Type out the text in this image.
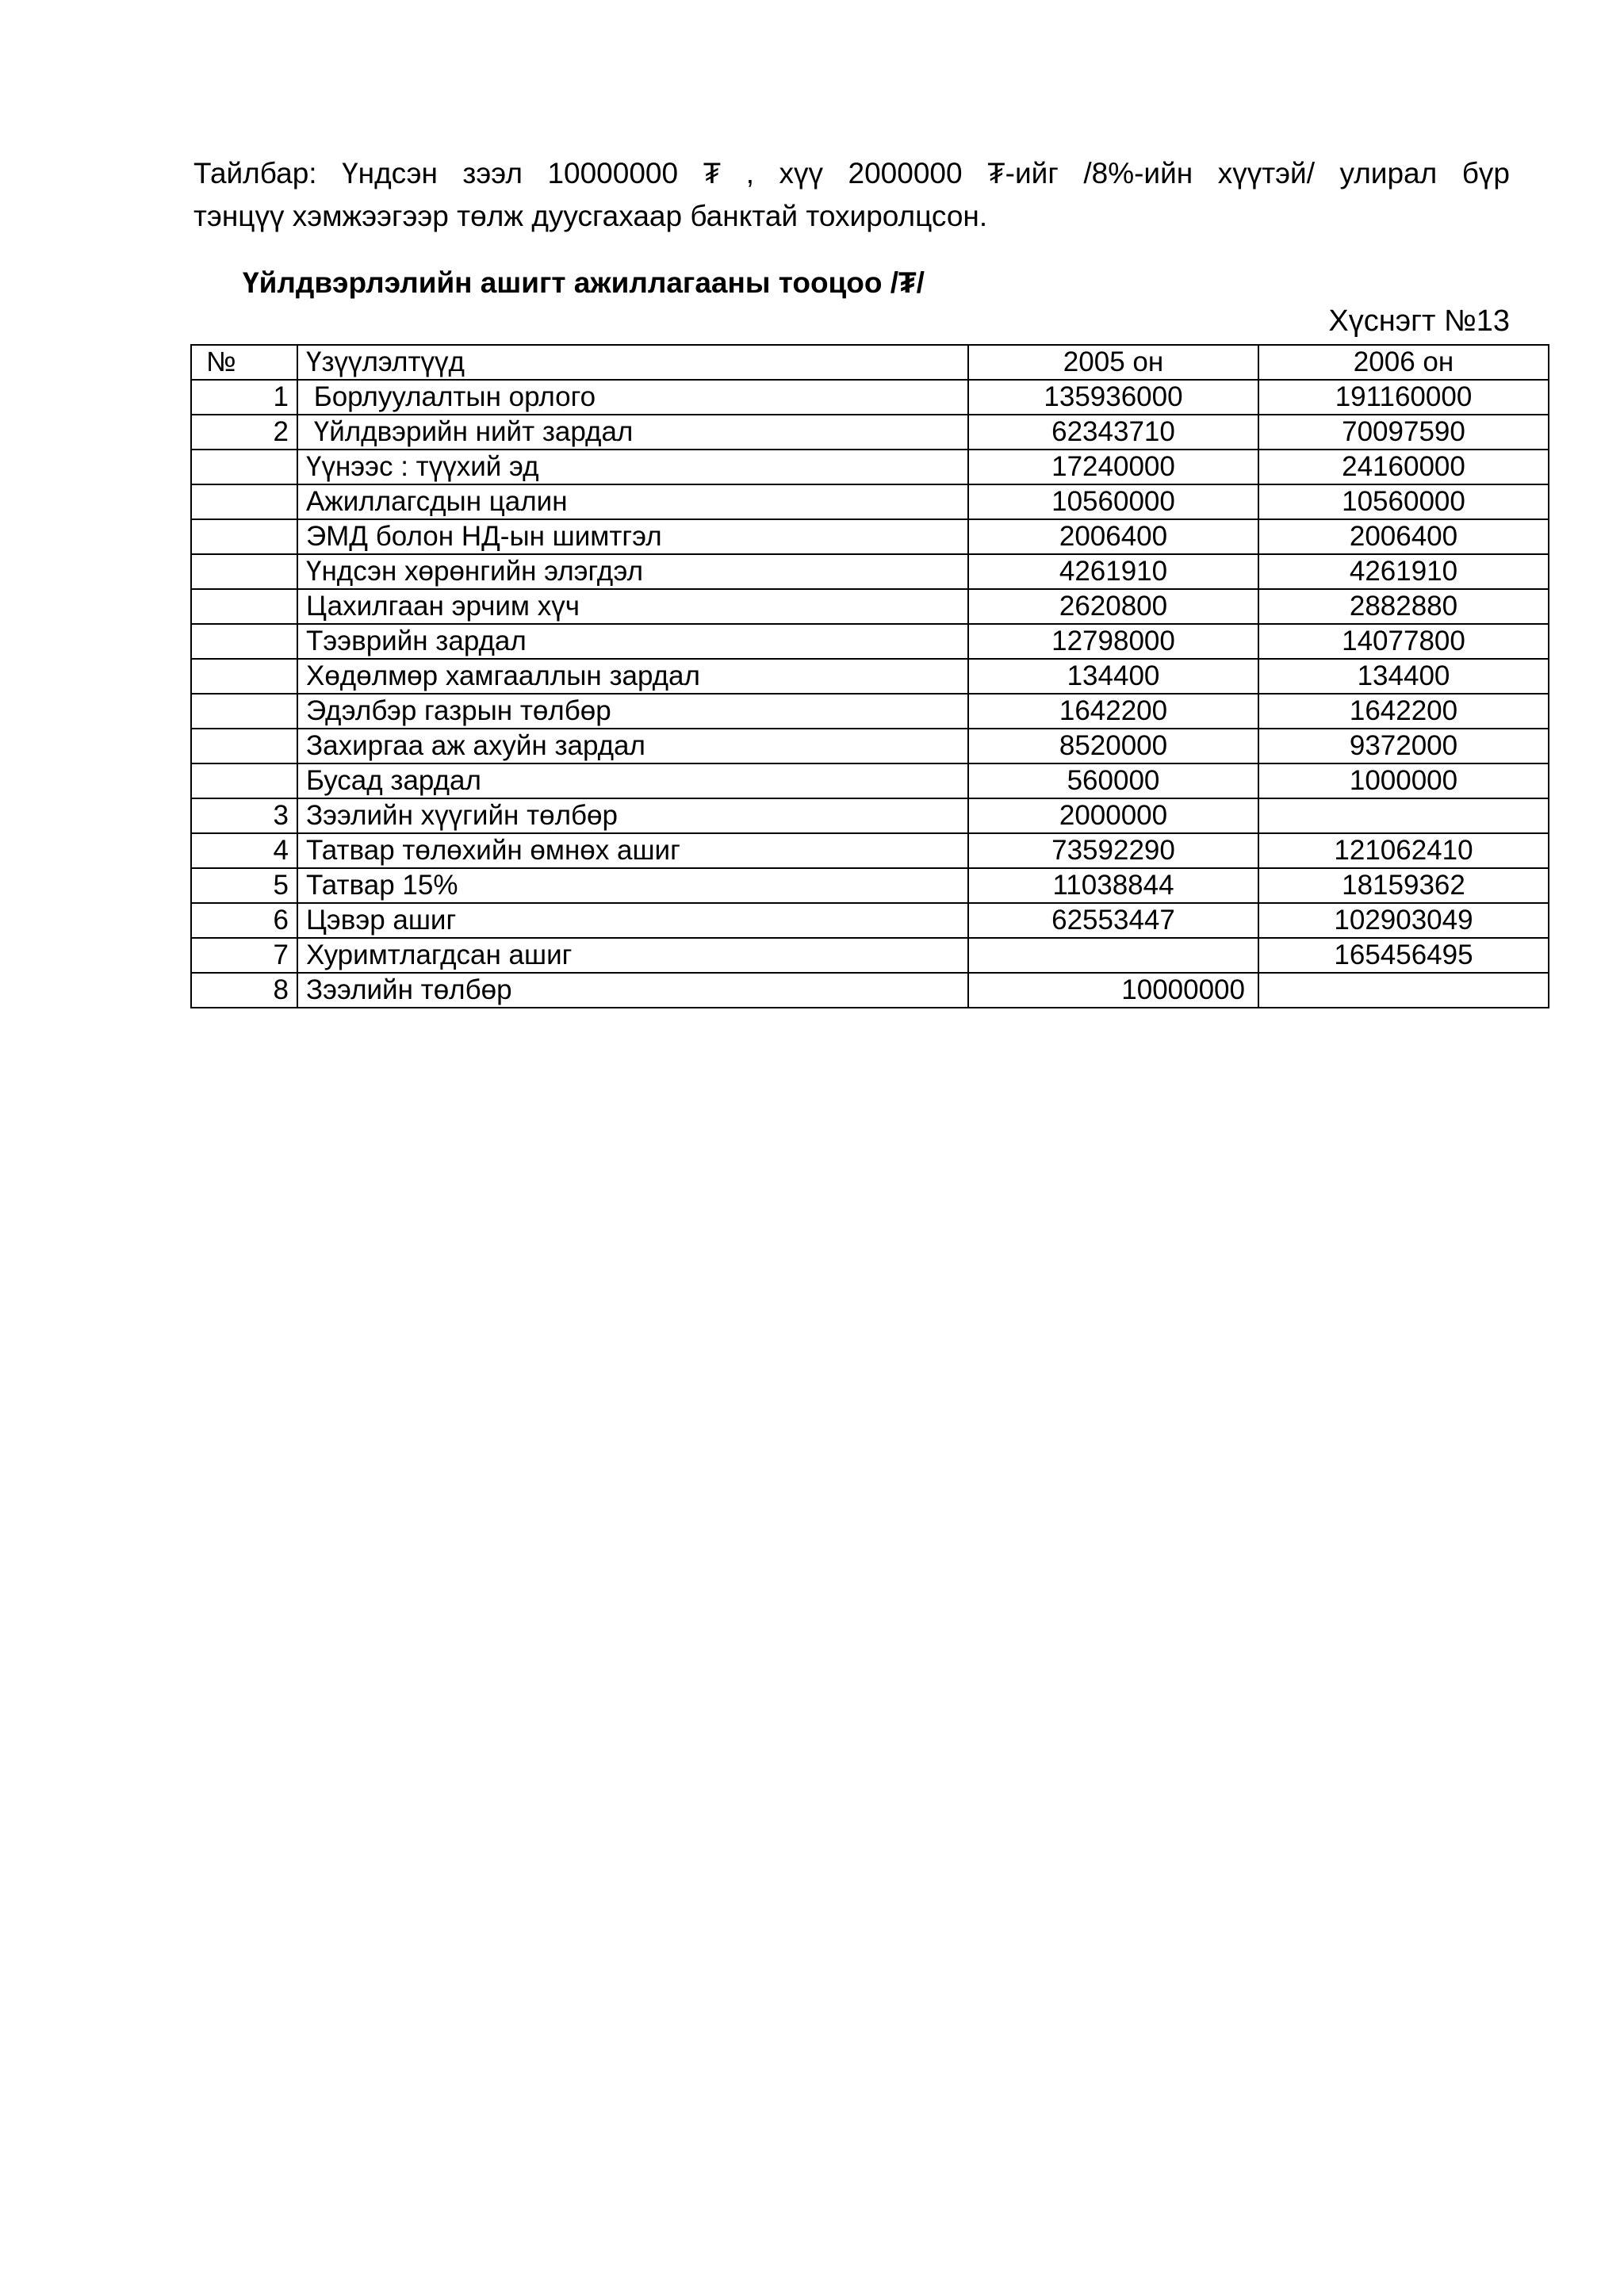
Тайлбар: Үндсэн зээл 10000000 ₮ , хүү 2000000 ₮-ийг /8%-ийн хүүтэй/ улирал бүр
тэнцүү хэмжээгээр төлж дуусгахаар банктай тохиролцсон.
Үйлдвэрлэлийн ашигт ажиллагааны тооцоо /₮/
Хүснэгт №13
№	Үзүүлэлтүүд	2005 он	2006 он
1	Борлуулалтын орлого	135936000	191160000
2	Үйлдвэрийн нийт зардал	62343710	70097590
	Үүнээс : түүхий эд	17240000	24160000
	Ажиллагсдын цалин	10560000	10560000
	ЭМД болон НД-ын шимтгэл	2006400	2006400
	Үндсэн хөрөнгийн элэгдэл	4261910	4261910
	Цахилгаан эрчим хүч	2620800	2882880
	Тээврийн зардал	12798000	14077800
	Хөдөлмөр хамгааллын зардал	134400	134400
	Эдэлбэр газрын төлбөр	1642200	1642200
	Захиргаа аж ахуйн зардал	8520000	9372000
	Бусад зардал	560000	1000000
3	Зээлийн хүүгийн төлбөр	2000000	
4	Татвар төлөхийн өмнөх ашиг	73592290	121062410
5	Татвар 15%	11038844	18159362
6	Цэвэр ашиг	62553447	102903049
7	Хуримтлагдсан ашиг		165456495
8	Зээлийн төлбөр	10000000	
